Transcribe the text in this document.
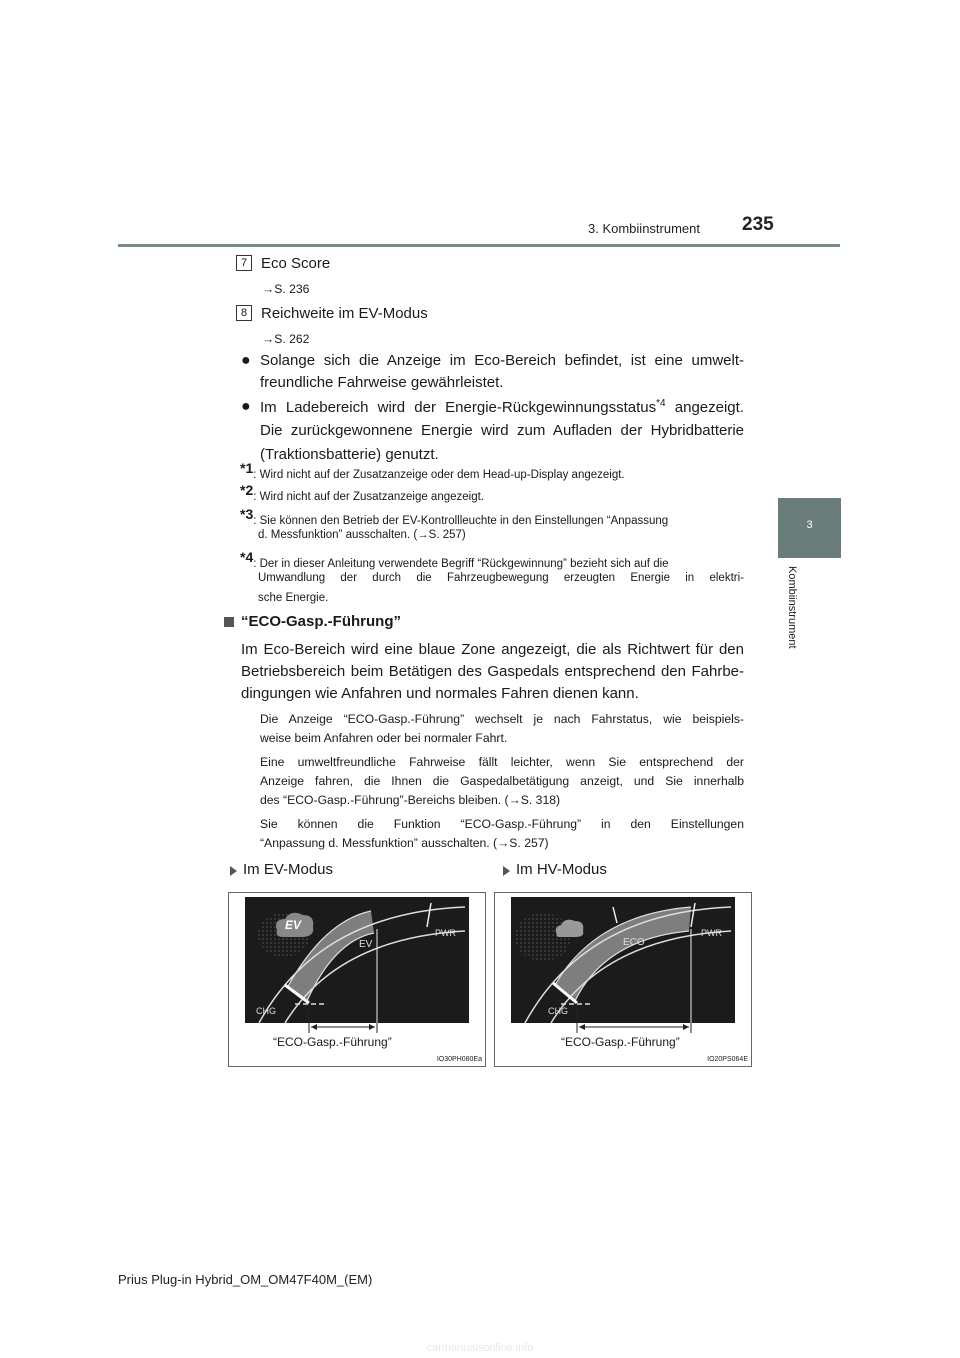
235
3. Kombiinstrument
3
Kombiinstrument
7 Eco Score
→S. 236
8 Reichweite im EV-Modus
→S. 262
● Solange sich die Anzeige im Eco-Bereich befindet, ist eine umwelt-
freundliche Fahrweise gewährleistet.
● Im Ladebereich wird der Energie-Rückgewinnungsstatus$^{*4}$ angezeigt.
Die zurückgewonnene Energie wird zum Aufladen der Hybridbatterie
(Traktionsbatterie) genutzt.
*1: Wird nicht auf der Zusatzanzeige oder dem Head-up-Display angezeigt.
*2: Wird nicht auf der Zusatzanzeige angezeigt.
*3: Sie können den Betrieb der EV-Kontrollleuchte in den Einstellungen “Anpassung
d. Messfunktion” ausschalten. (→S. 257)
*4: Der in dieser Anleitung verwendete Begriff “Rückgewinnung” bezieht sich auf die
Umwandlung der durch die Fahrzeugbewegung erzeugten Energie in elektri-
sche Energie.
“ECO-Gasp.-Führung”
Im Eco-Bereich wird eine blaue Zone angezeigt, die als Richtwert für den
Betriebsbereich beim Betätigen des Gaspedals entsprechend den Fahrbe-
dingungen wie Anfahren und normales Fahren dienen kann.
Die Anzeige “ECO-Gasp.-Führung” wechselt je nach Fahrstatus, wie beispiels-
weise beim Anfahren oder bei normaler Fahrt.
Eine umweltfreundliche Fahrweise fällt leichter, wenn Sie entsprechend der
Anzeige fahren, die Ihnen die Gaspedalbetätigung anzeigt, und Sie innerhalb
des “ECO-Gasp.-Führung”-Bereichs bleiben. (→S. 318)
Sie können die Funktion “ECO-Gasp.-Führung” in den Einstellungen
“Anpassung d. Messfunktion” ausschalten. (→S. 257)
Im EV-Modus	Im HV-Modus
EV
EV
PWR
CHG
“ECO-Gasp.-Führung”
IO30PH080Ea
ECO
PWR
CHG
“ECO-Gasp.-Führung”
IO20PS064E
Prius Plug-in Hybrid_OM_OM47F40M_(EM)
carmanualsonline.info
